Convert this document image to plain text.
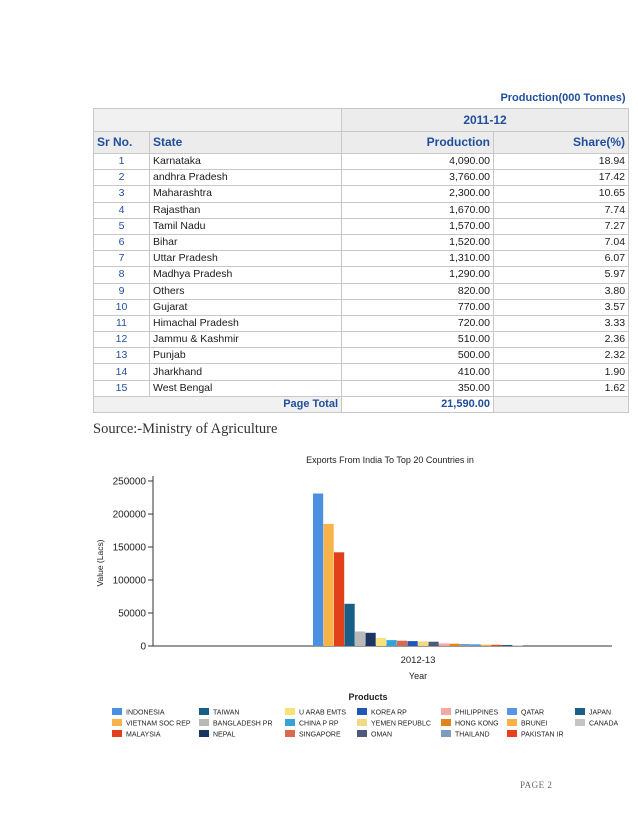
Production(000 Tonnes)			
		2011-12	
Sr No.	State	Production	Share(%)
1	Karnataka	4,090.00	18.94
2	andhra Pradesh	3,760.00	17.42
3	Maharashtra	2,300.00	10.65
4	Rajasthan	1,670.00	7.74
5	Tamil Nadu	1,570.00	7.27
6	Bihar	1,520.00	7.04
7	Uttar Pradesh	1,310.00	6.07
8	Madhya Pradesh	1,290.00	5.97
9	Others	820.00	3.80
10	Gujarat	770.00	3.57
11	Himachal Pradesh	720.00	3.33
12	Jammu & Kashmir	510.00	2.36
13	Punjab	500.00	2.32
14	Jharkhand	410.00	1.90
15	West Bengal	350.00	1.62
Page Total		21,590.00	
Source:-Ministry of Agriculture
Exports From India To Top 20 Countries in
Value (Lacs)
0
50000
100000
150000
200000
250000
2012-13
Year
Products
INDONESIA
VIETNAM SOC REP
MALAYSIA
TAIWAN
BANGLADESH PR
NEPAL
U ARAB EMTS
CHINA P RP
SINGAPORE
KOREA RP
YEMEN REPUBLC
OMAN
PHILIPPINES
HONG KONG
THAILAND
QATAR
BRUNEI
PAKISTAN IR
JAPAN
CANADA
PAGE 2
